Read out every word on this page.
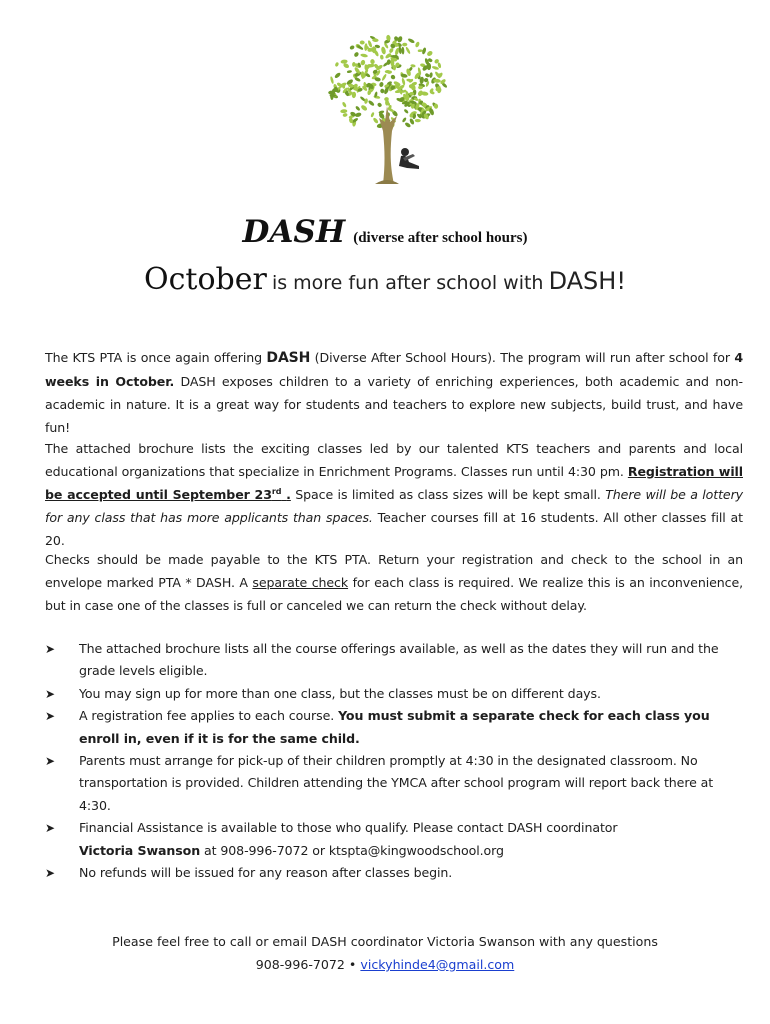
DASH (diverse after school hours)
October is more fun after school with DASH!

The KTS PTA is once again offering DASH (Diverse After School Hours). The program will run after school for 4 weeks in October. DASH exposes children to a variety of enriching experiences, both academic and non-academic in nature. It is a great way for students and teachers to explore new subjects, build trust, and have fun!

The attached brochure lists the exciting classes led by our talented KTS teachers and parents and local educational organizations that specialize in Enrichment Programs. Classes run until 4:30 pm. Registration will be accepted until September 23rd . Space is limited as class sizes will be kept small. There will be a lottery for any class that has more applicants than spaces. Teacher courses fill at 16 students. All other classes fill at 20.

Checks should be made payable to the KTS PTA. Return your registration and check to the school in an envelope marked PTA * DASH. A separate check for each class is required. We realize this is an inconvenience, but in case one of the classes is full or canceled we can return the check without delay.

➤ The attached brochure lists all the course offerings available, as well as the dates they will run and the grade levels eligible.
➤ You may sign up for more than one class, but the classes must be on different days.
➤ A registration fee applies to each course. You must submit a separate check for each class you enroll in, even if it is for the same child.
➤ Parents must arrange for pick-up of their children promptly at 4:30 in the designated classroom. No transportation is provided. Children attending the YMCA after school program will report back there at 4:30.
➤ Financial Assistance is available to those who qualify. Please contact DASH coordinator
Victoria Swanson at 908-996-7072 or ktspta@kingwoodschool.org
➤ No refunds will be issued for any reason after classes begin.
Please feel free to call or email DASH coordinator Victoria Swanson with any questions
908-996-7072 • vickyhinde4@gmail.com
